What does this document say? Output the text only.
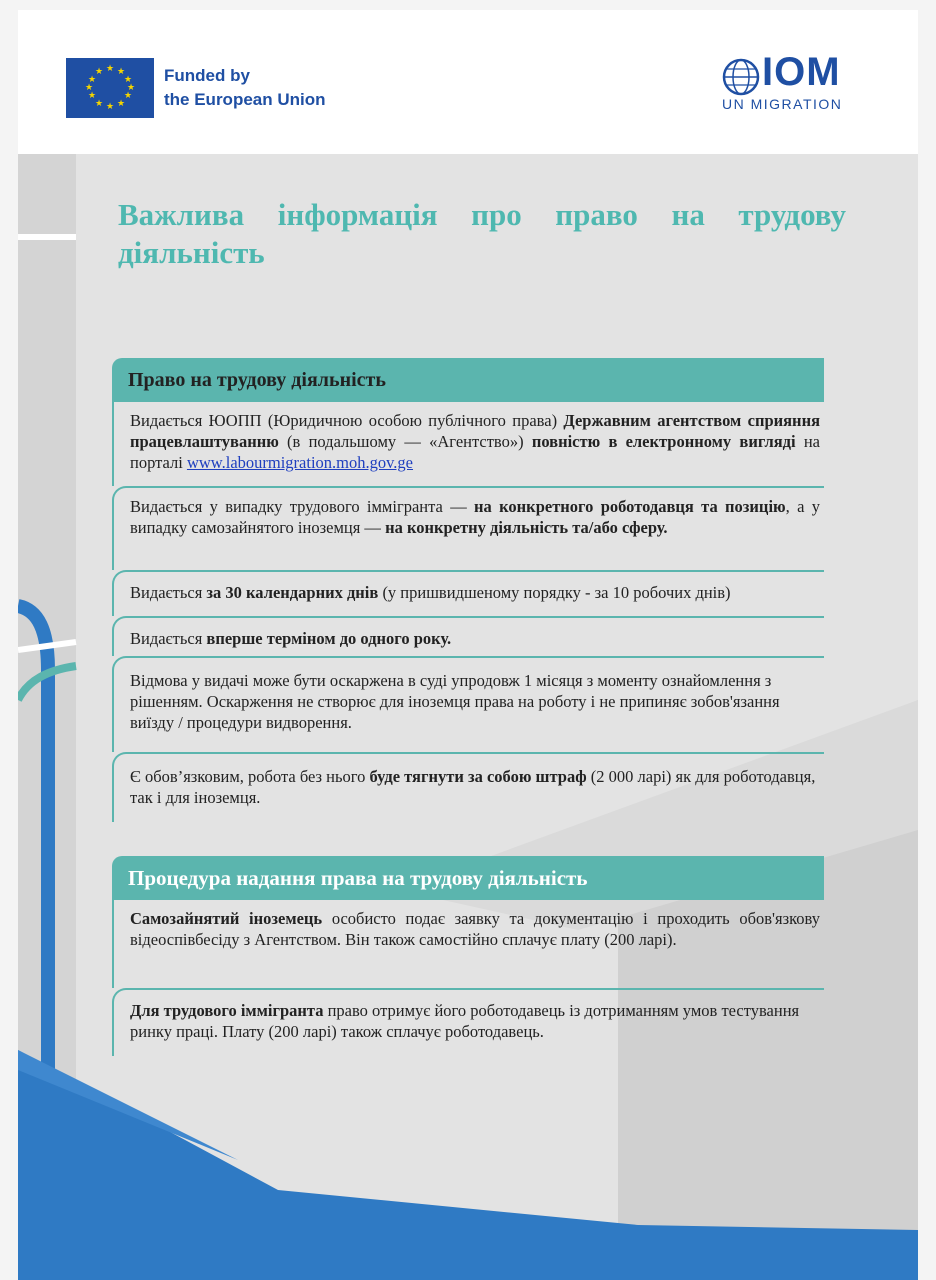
★ ★
★
★
★
★
★
★
★
★
★
★	Funded by
the European Union
IOM
UN MIGRATION
Важлива інформація про право на трудову діяльність
Право на трудову діяльність
Видається ЮОПП (Юридичною особою публічного права) Державним агентством сприяння працевлаштуванню (в подальшому — «Агентство») повністю в електронному вигляді на порталі www.labourmigration.moh.gov.ge
Видається у випадку трудового іммігранта — на конкретного роботодавця та позицію, а у випадку самозайнятого іноземця — на конкретну діяльність та/або сферу.
Видається за 30 календарних днів (у пришвидшеному порядку - за 10 робочих днів)
Видається вперше терміном до одного року.
Відмова у видачі може бути оскаржена в суді упродовж 1 місяця з моменту ознайомлення з рішенням. Оскарження не створює для іноземця права на роботу і не припиняє зобов'язання виїзду / процедури видворення.
Є обов’язковим, робота без нього буде тягнути за собою штраф (2 000 ларі) як для роботодавця, так і для іноземця.
Процедура надання права на трудову діяльність
Самозайнятий іноземець особисто подає заявку та документацію і проходить обов'язкову відеоспівбесіду з Агентством. Він також самостійно сплачує плату (200 ларі).
Для трудового іммігранта право отримує його роботодавець із дотриманням умов тестування ринку праці. Плату (200 ларі) також сплачує роботодавець.
